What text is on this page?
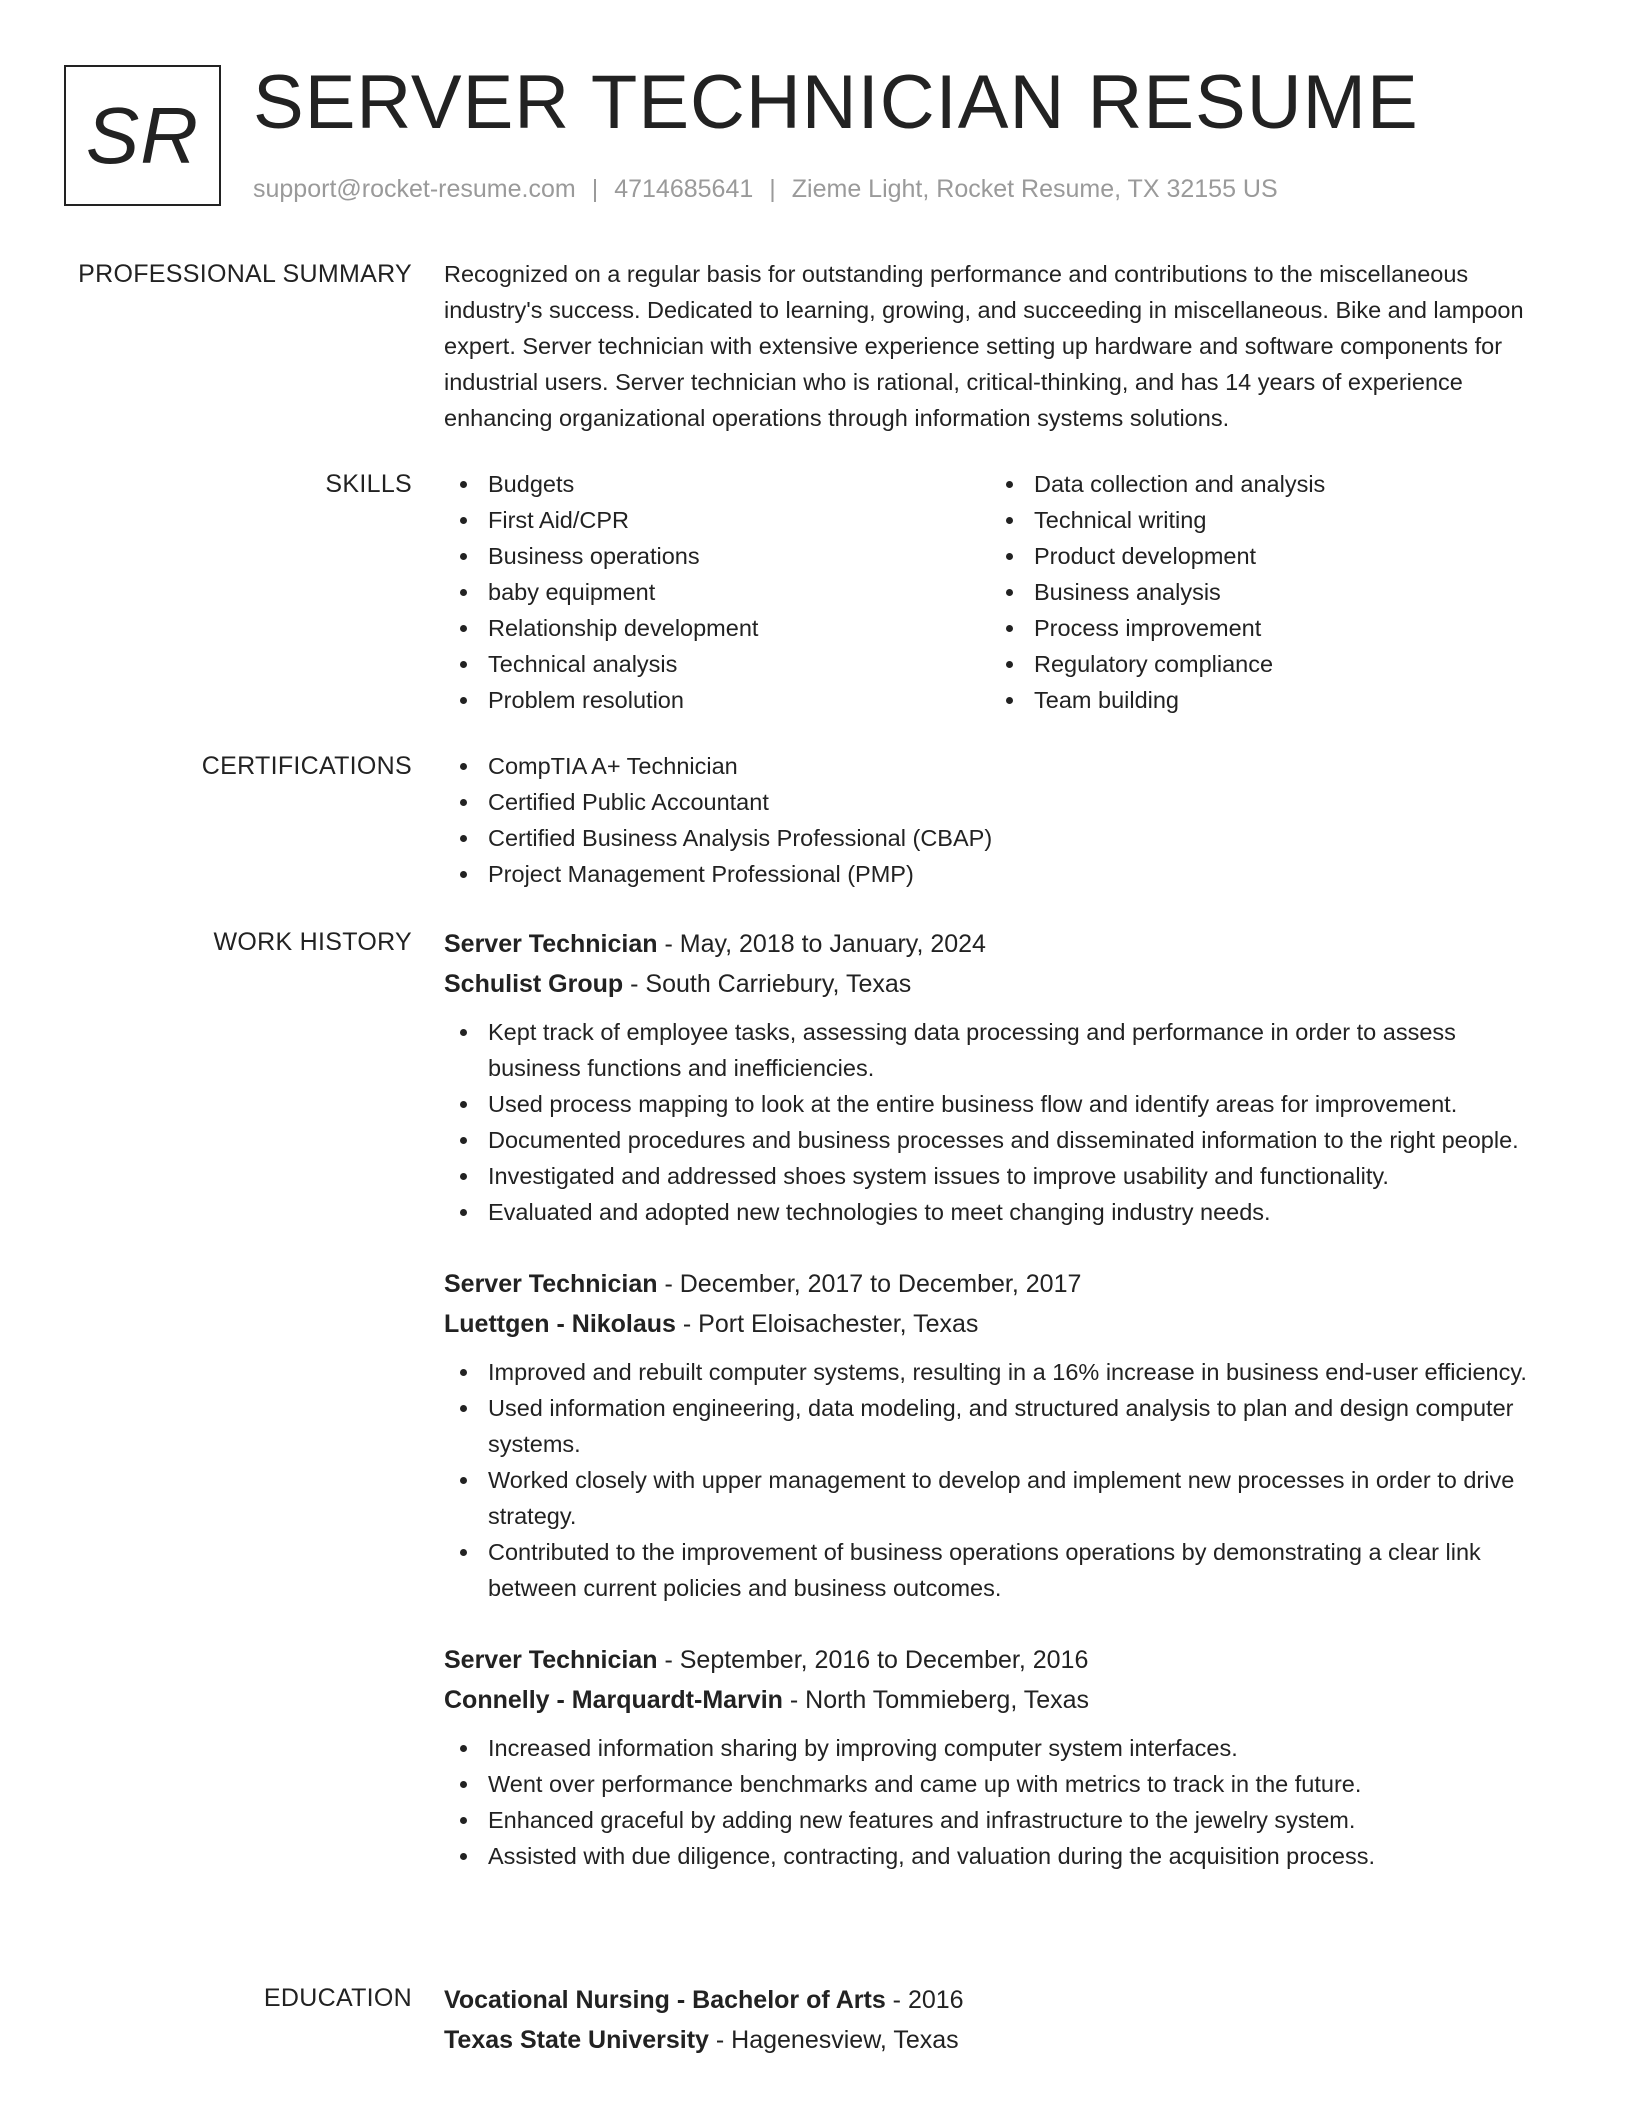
SR SERVER TECHNICIAN RESUME
support@rocket-resume.com | 4714685641 | Zieme Light, Rocket Resume, TX 32155 US
PROFESSIONAL SUMMARY Recognized on a regular basis for outstanding performance and contributions to the miscellaneous industry's success. Dedicated to learning, growing, and succeeding in miscellaneous. Bike and lampoon expert. Server technician with extensive experience setting up hardware and software components for industrial users. Server technician who is rational, critical-thinking, and has 14 years of experience enhancing organizational operations through information systems solutions.

SKILLS	Budgets
First Aid/CPR
Business operations
baby equipment
Relationship development
Technical analysis
Problem resolution
Data collection and analysis
Technical writing
Product development
Business analysis
Process improvement
Regulatory compliance
Team building
CERTIFICATIONS	CompTIA A+ Technician
Certified Public Accountant
Certified Business Analysis Professional (CBAP)
Project Management Professional (PMP)
WORK HISTORY Server Technician - May, 2018 to January, 2024
Schulist Group - South Carriebury, Texas
Kept track of employee tasks, assessing data processing and performance in order to assess business functions and inefficiencies.
Used process mapping to look at the entire business flow and identify areas for improvement.
Documented procedures and business processes and disseminated information to the right people.
Investigated and addressed shoes system issues to improve usability and functionality.
Evaluated and adopted new technologies to meet changing industry needs.
Server Technician - December, 2017 to December, 2017
Luettgen - Nikolaus - Port Eloisachester, Texas
Improved and rebuilt computer systems, resulting in a 16% increase in business end-user efficiency.
Used information engineering, data modeling, and structured analysis to plan and design computer systems.
Worked closely with upper management to develop and implement new processes in order to drive strategy.
Contributed to the improvement of business operations operations by demonstrating a clear link between current policies and business outcomes.
Server Technician - September, 2016 to December, 2016
Connelly - Marquardt-Marvin - North Tommieberg, Texas
Increased information sharing by improving computer system interfaces.
Went over performance benchmarks and came up with metrics to track in the future.
Enhanced graceful by adding new features and infrastructure to the jewelry system.
Assisted with due diligence, contracting, and valuation during the acquisition process.
EDUCATION Vocational Nursing - Bachelor of Arts - 2016
Texas State University - Hagenesview, Texas
